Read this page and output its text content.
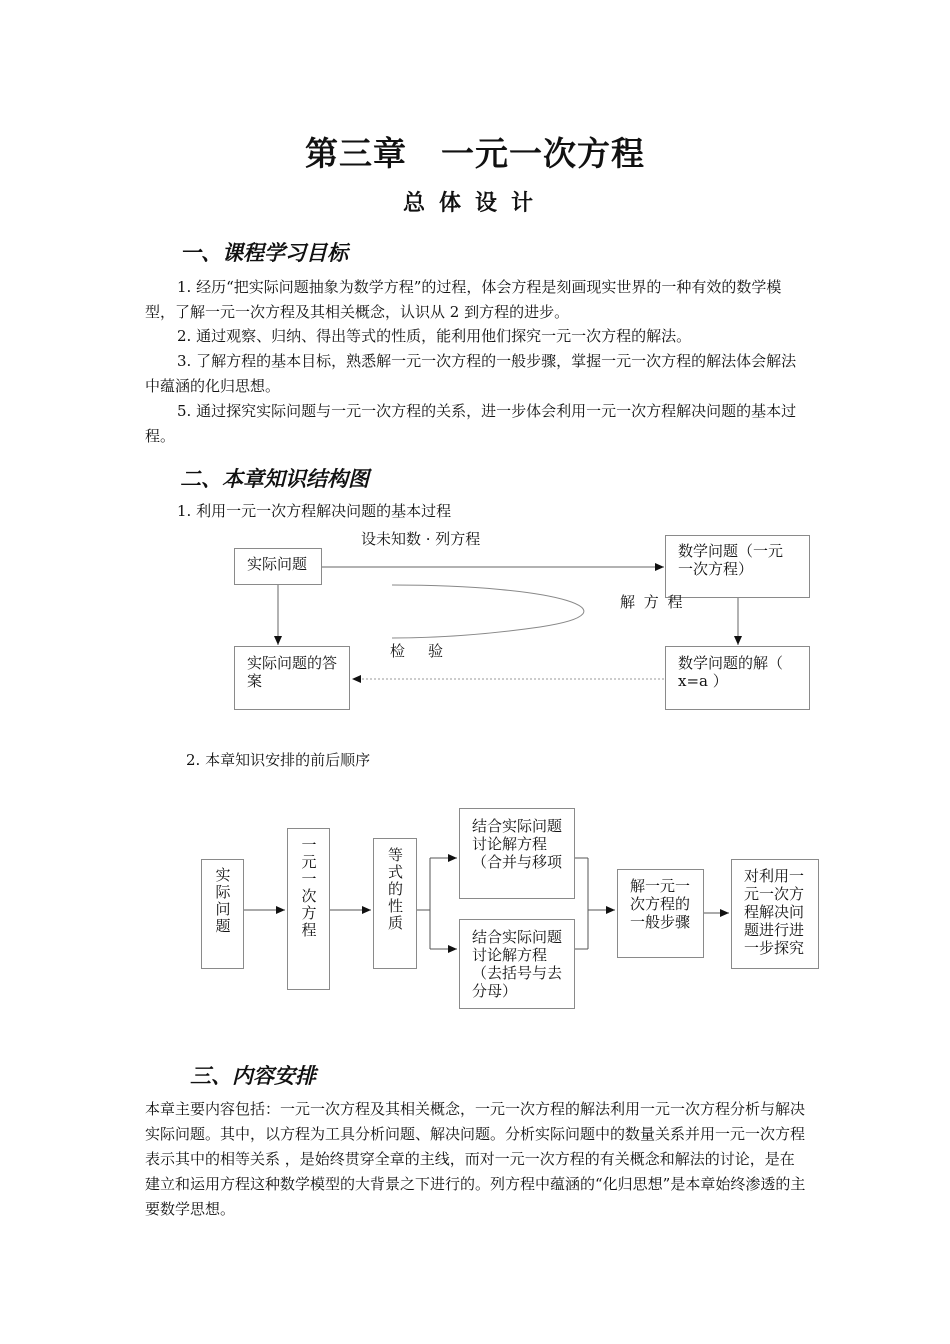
第三章　一元一次方程
总体设计
一、课程学习目标

1. 经历“把实际问题抽象为数学方程”的过程，体会方程是刻画现实世界的一种有效的数学模型，了解一元一次方程及其相关概念，认识从 2 到方程的进步。

2. 通过观察、归纳、得出等式的性质，能利用他们探究一元一次方程的解法。

3. 了解方程的基本目标，熟悉解一元一次方程的一般步骤，掌握一元一次方程的解法体会解法中蕴涵的化归思想。

5. 通过探究实际问题与一元一次方程的关系，进一步体会利用一元一次方程解决问题的基本过程。

二、本章知识结构图
1. 利用一元一次方程解决问题的基本过程
实际问题
数学问题（一元一次方程）
实际问题的答　　案
数学问题的解（ x=a ）
设未知数 · 列方程
解 方 程
检　验
2. 本章知识安排的前后顺序
实际问题	一元一次方程	等式的性质
结合实际问题讨论解方程（合并与移项
结合实际问题讨论解方程（去括号与去分母）
解一元一次方程的一般步骤
对利用一元一次方程解决问题进行进一步探究
三、内容安排

本章主要内容包括：一元一次方程及其相关概念，一元一次方程的解法利用一元一次方程分析与解决实际问题。其中，以方程为工具分析问题、解决问题。分析实际问题中的数量关系并用一元一次方程表示其中的相等关系 ，是始终贯穿全章的主线，而对一元一次方程的有关概念和解法的讨论，是在建立和运用方程这种数学模型的大背景之下进行的。列方程中蕴涵的“化归思想”是本章始终渗透的主要数学思想。
